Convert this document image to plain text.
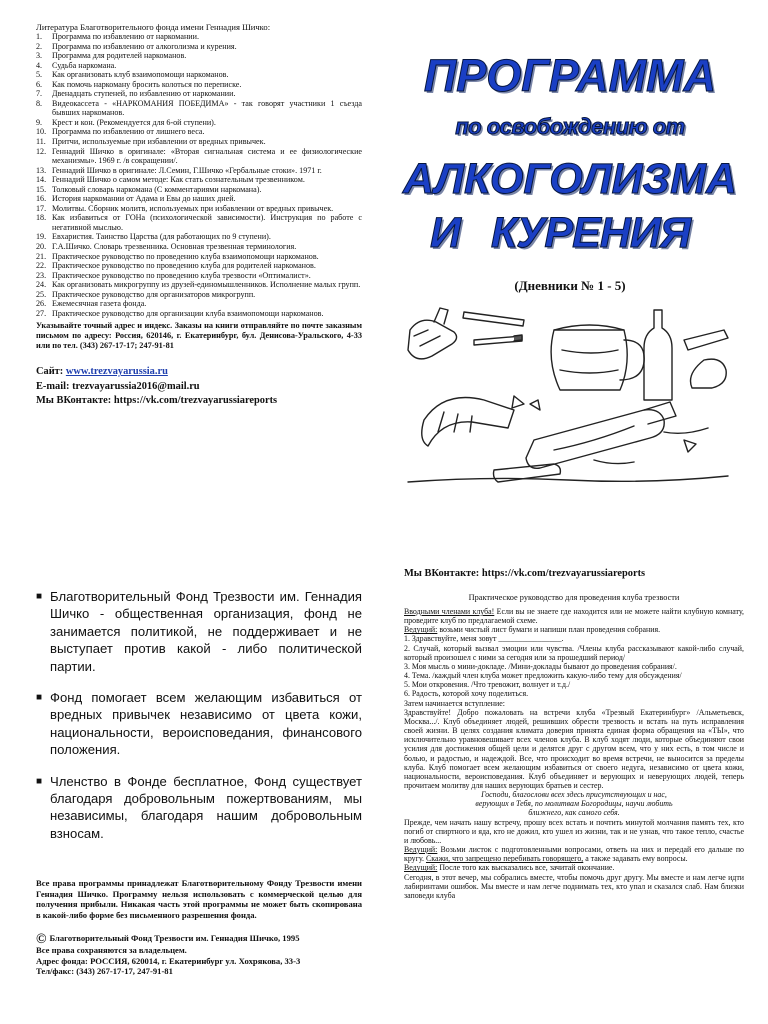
Литература Благотворительного фонда имени Геннадия Шичко:
1.	Программа по избавлению от наркомании.
2.	Программа по избавлению от алкоголизма и курения.
3.	Программа для родителей наркоманов.
4.	Судьба наркомана.
5.	Как организовать клуб взаимопомощи наркоманов.
6.	Как помочь наркоману бросить колоться по переписке.
7.	Двенадцать ступеней, по избавлению от наркомании.
8.	Видеокассета - «НАРКОМАНИЯ ПОБЕДИМА» - так говорят участники 1 съезда бывших наркоманов.
9.	Крест и кон. (Рекомендуется для 6-ой ступени).
10. Программа по избавлению от лишнего веса.
11. Притчи, используемые при избавлении от вредных привычек.
12. Геннадий Шичко в оригинале: «Вторая сигнальная система и ее физиологические механизмы». 1969 г. /в сокращении/.
13. Геннадий Шичко в оригинале: Л.Семин, Г.Шичко «Гербальные стоки». 1971 г.
14. Геннадий Шичко о самом методе: Как стать сознательным трезвенником.
15. Толковый словарь наркомана (С комментариями наркомана).
16. История наркомании от Адама и Евы до наших дней.
17. Молитвы. Сборник молитв, используемых при избавлении от вредных привычек.
18. Как избавиться от ГОНа (психологической зависимости). Инструкция по работе с негативной мыслью.
19. Евхаристия. Таинство Царства (для работающих по 9 ступени).
20. Г.А.Шичко. Словарь трезвенника. Основная трезвенная терминология.
21. Практическое руководство по проведению клуба взаимопомощи наркоманов.
22. Практическое руководство по проведению клуба для родителей наркоманов.
23. Практическое руководство по проведению клуба трезвости «Оптималист».
24. Как организовать микрогруппу из друзей-единомышленников. Исполнение малых групп.
25. Практическое руководство для организаторов микрогрупп.
26. Ежемесячная газета фонда.
27. Практическое руководство для организации клуба взаимопомощи наркоманов.
Указывайте точный адрес и индекс. Заказы на книги отправляйте по почте заказным письмом по адресу: Россия, 620146, г. Екатеринбург, бул. Денисова-Уральского, 4-33 или по тел. (343) 267-17-17; 247-91-81
Сайт: www.trezvayarussia.ru
E-mail: trezvayarussia2016@mail.ru
Мы ВКонтакте: https://vk.com/trezvayarussiareports
ПРОГРАММА
по освобождению от
АЛКОГОЛИЗМА
И КУРЕНИЯ
(Дневники № 1 - 5)
■ Благотворительный Фонд Трезвости им. Геннадия Шичко - общественная организация, фонд не занимается политикой, не поддерживает и не выступает против какой - либо политической партии.
■ Фонд помогает всем желающим избавиться от вредных привычек независимо от цвета кожи, национальности, вероисповедания, финансового положения.
■ Членство в Фонде бесплатное, Фонд существует благодаря добровольным пожертвованиям, мы независимы, благодаря нашим добровольным взносам.
Все права программы принадлежат Благотворительному Фонду Трезвости имени Геннадия Шичко. Программу нельзя использовать с коммерческой целью для получения прибыли. Никакая часть этой программы не может быть скопирована в какой-либо форме без письменного разрешения фонда.
© Благотворительный Фонд Трезвости им. Геннадия Шичко, 1995
Все права сохраняются за владельцем.
Адрес фонда: РОССИЯ, 620014, г. Екатеринбург ул. Хохрякова, 33-3
Тел/факс: (343) 267-17-17, 247-91-81
Мы ВКонтакте: https://vk.com/trezvayarussiareports
Практическое руководство для проведения клуба трезвости

Вводными членами клуба! Если вы не знаете где находится или не можете найти клубную комнату, проведите клуб по предлагаемой схеме.

Ведущий: возьми чистый лист бумаги и напиши план проведения собрания.

1. Здравствуйте, меня зовут ________________.

2. Случай, который вызвал эмоции или чувства. /Члены клуба рассказывают какой-либо случай, который произошел с ними за сегодня или за прошедший период/

3. Моя мысль о мини-докладе. /Мини-доклады бывают до проведения собрания/.

4. Тема. /каждый член клуба может предложить какую-либо тему для обсуждения/

5. Мои откровения. /Что тревожит, волнует и т.д./

6. Радость, которой хочу поделиться.

Затем начинается вступление:

Здравствуйте! Добро пожаловать на встречи клуба «Трезвый Екатеринбург» /Альметьевск, Москва.../. Клуб объединяет людей, решивших обрести трезвость и встать на путь исправления своей жизни. В целях создания климата доверия принята единая форма обращения на «ТЫ», что исключительно уравновешивает всех членов клуба. В клуб ходят люди, которые объединяют свои усилия для достижения общей цели и делятся друг с другом всем, что у них есть, в том числе и болью, и радостью, и надеждой. Все, что происходит во время встречи, не выносится за пределы клуба. Клуб помогает всем желающим избавиться от своего недуга, независимо от цвета кожи, национальности, вероисповедания. Клуб объединяет и верующих и неверующих людей, теперь прочитаем молитву для наших верующих братьев и сестер.

Господи, благослови всех здесь присутствующих и нас,

верующих в Тебя, по молитвам Богородицы, научи любить

ближнего, как самого себя.

Прежде, чем начать нашу встречу, прошу всех встать и почтить минутой молчания память тех, кто погиб от спиртного и яда, кто не дожил, кто ушел из жизни, так и не узнав, что такое тепло, счастье и любовь...

Ведущий: Возьми листок с подготовленными вопросами, ответь на них и передай его дальше по кругу. Скажи, что запрещено перебивать говорящего, а также задавать ему вопросы.

Ведущий: После того как высказались все, зачитай окончание.

Сегодня, в этот вечер, мы собрались вместе, чтобы помочь друг другу. Мы вместе и нам легче идти лабиринтами ошибок. Мы вместе и нам легче поднимать тех, кто упал и сказался слаб. Нам близки заповеди клуба
